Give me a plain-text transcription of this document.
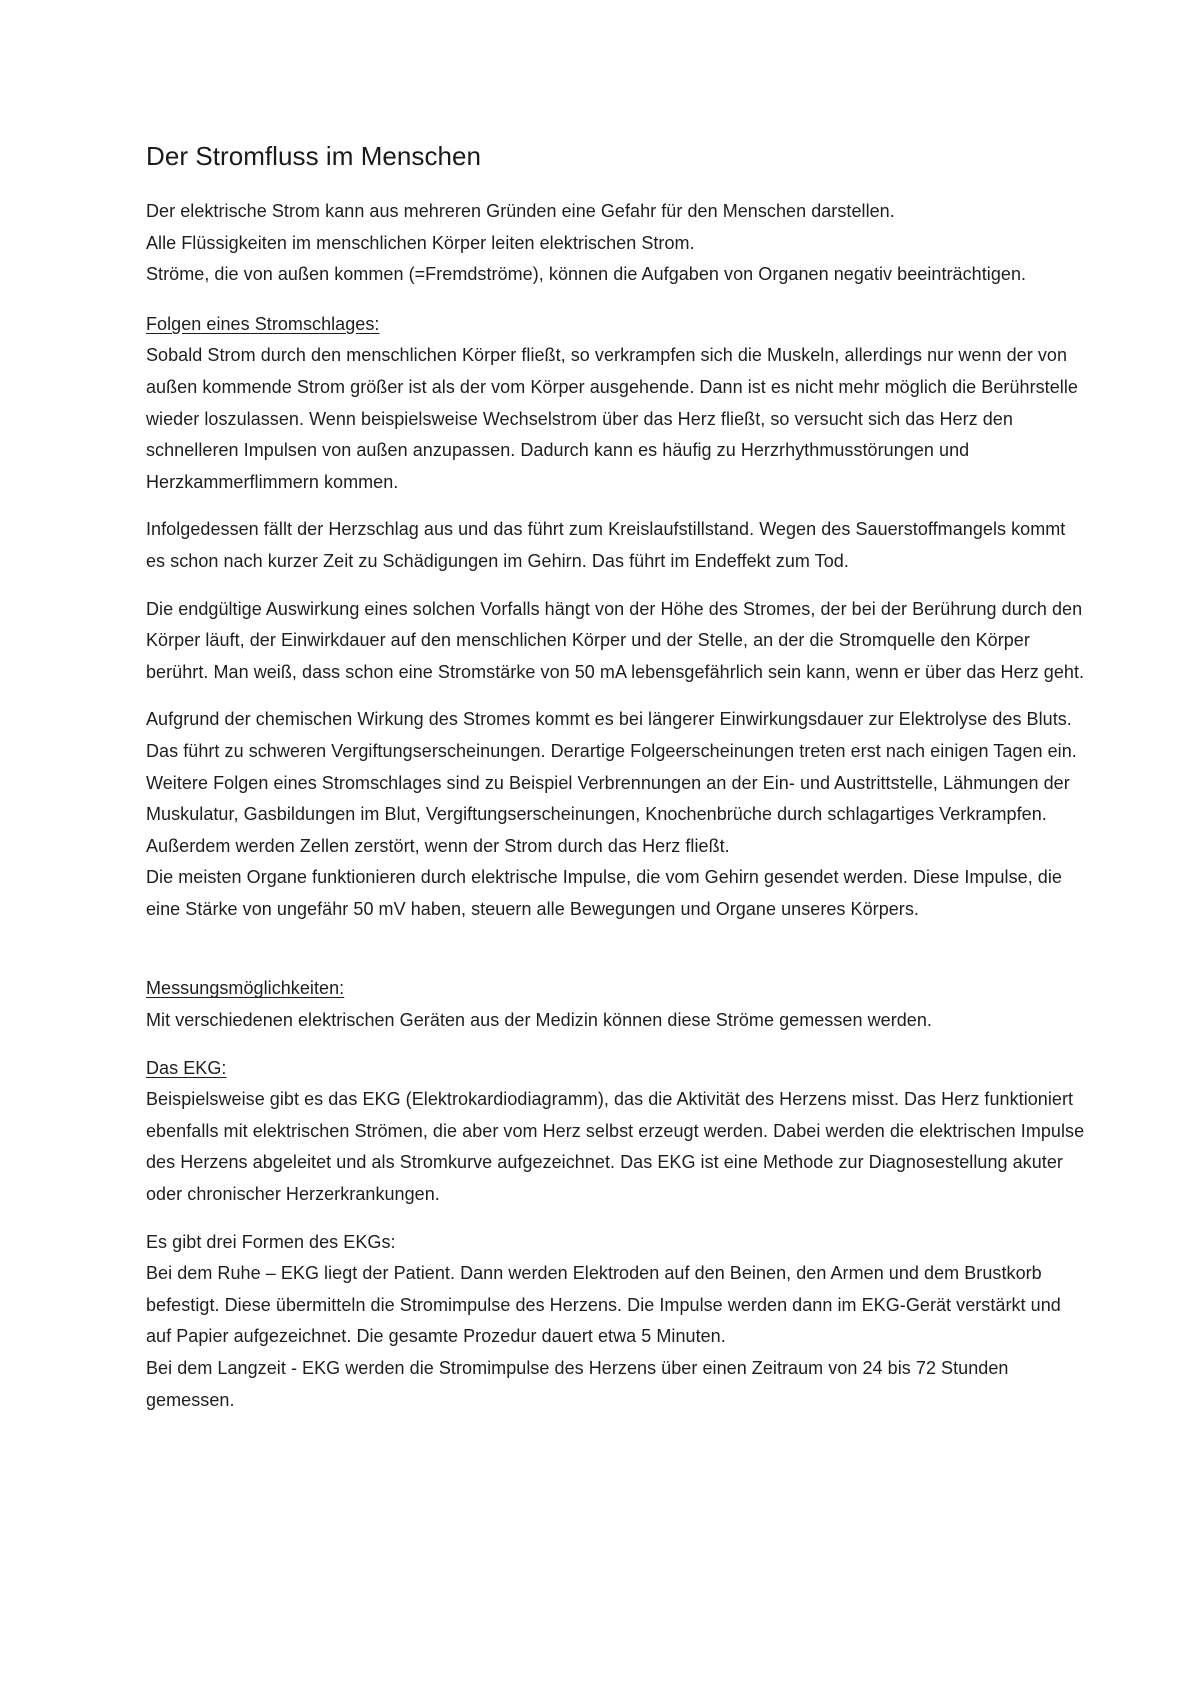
Der Stromfluss im Menschen

Der elektrische Strom kann aus mehreren Gründen eine Gefahr für den Menschen darstellen.

Alle Flüssigkeiten im menschlichen Körper leiten elektrischen Strom.

Ströme, die von außen kommen (=Fremdströme), können die Aufgaben von Organen negativ beeinträchtigen.

Folgen eines Stromschlages:

Sobald Strom durch den menschlichen Körper fließt, so verkrampfen sich die Muskeln, allerdings nur wenn der von außen kommende Strom größer ist als der vom Körper ausgehende. Dann ist es nicht mehr möglich die Berührstelle wieder loszulassen. Wenn beispielsweise Wechselstrom über das Herz fließt, so versucht sich das Herz den schnelleren Impulsen von außen anzupassen. Dadurch kann es häufig zu Herzrhythmusstörungen und Herzkammerflimmern kommen.

Infolgedessen fällt der Herzschlag aus und das führt zum Kreislaufstillstand. Wegen des Sauerstoffmangels kommt es schon nach kurzer Zeit zu Schädigungen im Gehirn. Das führt im Endeffekt zum Tod.

Die endgültige Auswirkung eines solchen Vorfalls hängt von der Höhe des Stromes, der bei der Berührung durch den Körper läuft, der Einwirkdauer auf den menschlichen Körper und der Stelle, an der die Stromquelle den Körper berührt. Man weiß, dass schon eine Stromstärke von 50 mA lebensgefährlich sein kann, wenn er über das Herz geht.

Aufgrund der chemischen Wirkung des Stromes kommt es bei längerer Einwirkungsdauer zur Elektrolyse des Bluts. Das führt zu schweren Vergiftungserscheinungen. Derartige Folgeerscheinungen treten erst nach einigen Tagen ein.

Weitere Folgen eines Stromschlages sind zu Beispiel Verbrennungen an der Ein- und Austrittstelle, Lähmungen der Muskulatur, Gasbildungen im Blut, Vergiftungserscheinungen, Knochenbrüche durch schlagartiges Verkrampfen. Außerdem werden Zellen zerstört, wenn der Strom durch das Herz fließt.

Die meisten Organe funktionieren durch elektrische Impulse, die vom Gehirn gesendet werden. Diese Impulse, die eine Stärke von ungefähr 50 mV haben, steuern alle Bewegungen und Organe unseres Körpers.

Messungsmöglichkeiten:

Mit verschiedenen elektrischen Geräten aus der Medizin können diese Ströme gemessen werden.

Das EKG:

Beispielsweise gibt es das EKG (Elektrokardiodiagramm), das die Aktivität des Herzens misst. Das Herz funktioniert ebenfalls mit elektrischen Strömen, die aber vom Herz selbst erzeugt werden. Dabei werden die elektrischen Impulse des Herzens abgeleitet und als Stromkurve aufgezeichnet. Das EKG ist eine Methode zur Diagnosestellung akuter oder chronischer Herzerkrankungen.

Es gibt drei Formen des EKGs:

Bei dem Ruhe – EKG liegt der Patient. Dann werden Elektroden auf den Beinen, den Armen und dem Brustkorb befestigt. Diese übermitteln die Stromimpulse des Herzens. Die Impulse werden dann im EKG-Gerät verstärkt und auf Papier aufgezeichnet. Die gesamte Prozedur dauert etwa 5 Minuten.

Bei dem Langzeit - EKG werden die Stromimpulse des Herzens über einen Zeitraum von 24 bis 72 Stunden gemessen.
